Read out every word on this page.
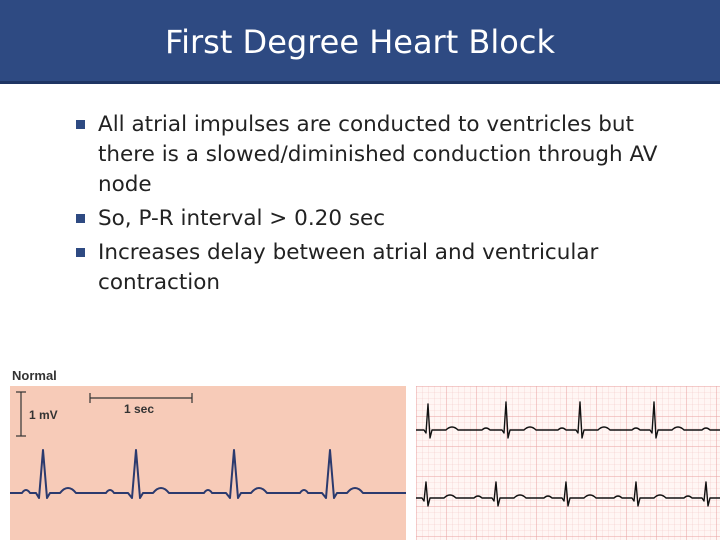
First Degree Heart Block
All atrial impulses are conducted to ventricles but there is a slowed/diminished conduction through AV node
So, P-R interval > 0.20 sec
Increases delay between atrial and ventricular contraction
Normal
1 mV	1 sec
